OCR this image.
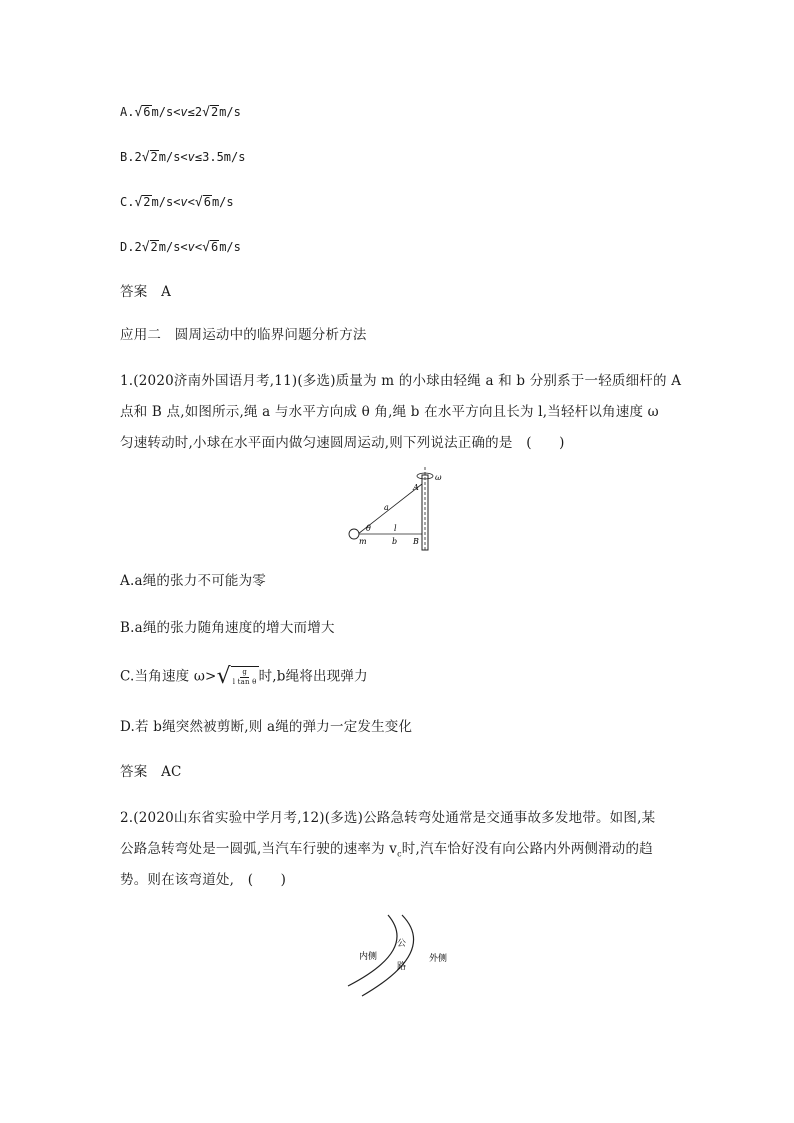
A.√6m/s<v≤2√2m/s
B.2√2m/s<v≤3.5m/s
C.√2m/s<v<√6m/s
D.2√2m/s<v<√6m/s
答案　A
应用二　圆周运动中的临界问题分析方法
1.(2020济南外国语月考,11)(多选)质量为 m 的小球由轻绳 a 和 b 分别系于一轻质细杆的 A
点和 B 点,如图所示,绳 a 与水平方向成 θ 角,绳 b 在水平方向且长为 l,当轻杆以角速度 ω
匀速转动时,小球在水平面内做匀速圆周运动,则下列说法正确的是　(　　)
ω
A
a
θ	l
b
m	B
A.a绳的张力不可能为零
B.a绳的张力随角速度的增大而增大
C.当角速度 ω> √ $\frac{g}{\text{l tan θ}}$ 时,b绳将出现弹力
D.若 b绳突然被剪断,则 a绳的弹力一定发生变化
答案　AC
2.(2020山东省实验中学月考,12)(多选)公路急转弯处通常是交通事故多发地带。如图,某
公路急转弯处是一圆弧,当汽车行驶的速率为 $v_c$时,汽车恰好没有向公路内外两侧滑动的趋
势。则在该弯道处,　(　　)
内侧
公
路
外侧
